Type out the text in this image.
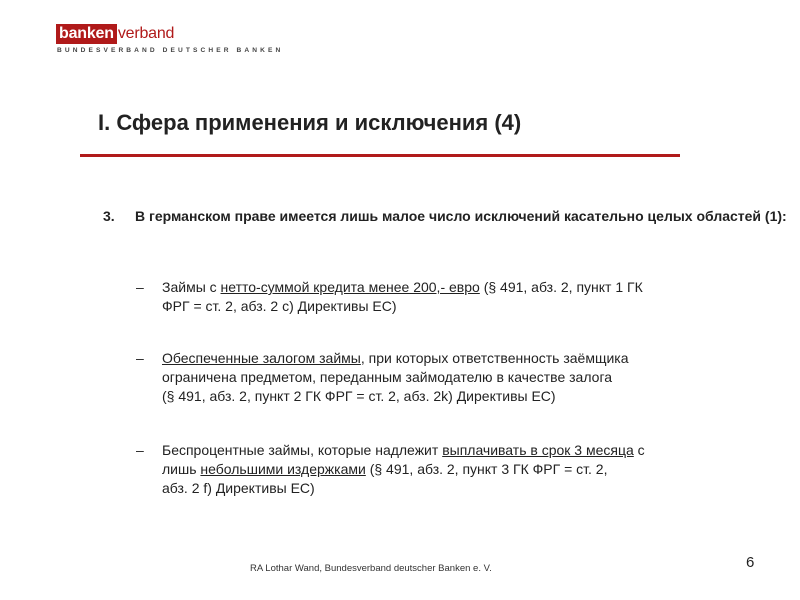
banken verband
BUNDESVERBAND DEUTSCHER BANKEN
I. Сфера применения и исключения (4)
3.	В германском праве имеется лишь малое число исключений касательно целых областей (1):
– Займы с нетто-суммой кредита менее 200,- евро (§ 491, абз. 2, пункт 1 ГК
ФРГ = ст. 2, абз. 2 c) Директивы ЕС)
– Обеспеченные залогом займы, при которых ответственность заёмщика
ограничена предметом, переданным займодателю в качестве залога
(§ 491, абз. 2, пункт 2 ГК ФРГ = ст. 2, абз. 2k) Директивы ЕС)
– Беспроцентные займы, которые надлежит выплачивать в срок 3 месяца с
лишь небольшими издержками (§ 491, абз. 2, пункт 3 ГК ФРГ = ст. 2,
абз. 2 f) Директивы ЕС)
RA Lothar Wand, Bundesverband deutscher Banken e. V.	6
